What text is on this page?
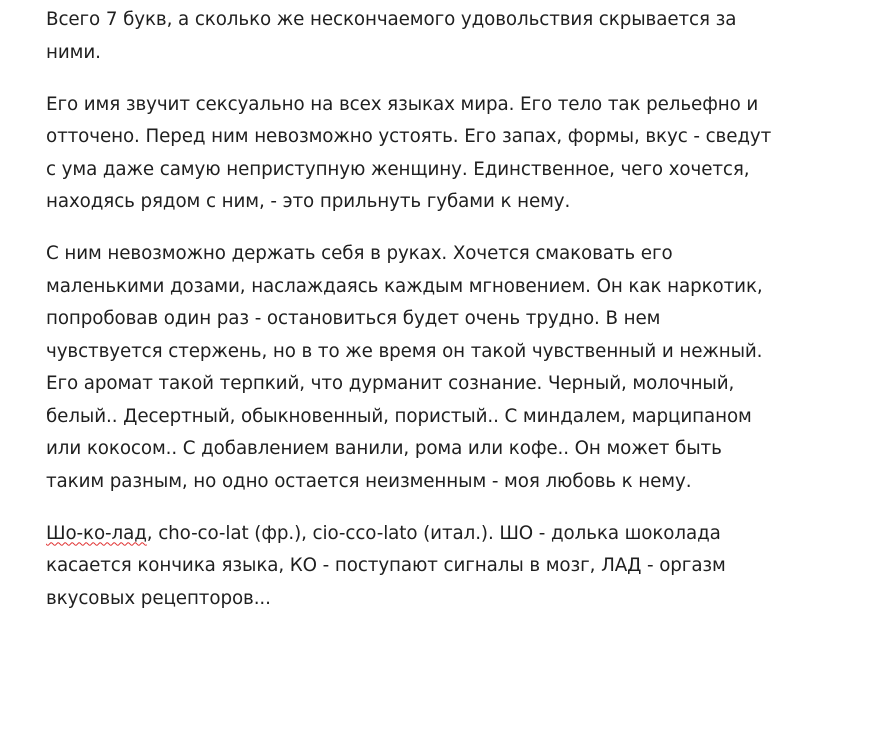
Всего 7 букв, а сколько же нескончаемого удовольствия скрывается за
ними.

Его имя звучит сексуально на всех языках мира. Его тело так рельефно и
отточено. Перед ним невозможно устоять. Его запах, формы, вкус - сведут
с ума даже самую неприступную женщину. Единственное, чего хочется,
находясь рядом с ним, - это прильнуть губами к нему.

С ним невозможно держать себя в руках. Хочется смаковать его
маленькими дозами, наслаждаясь каждым мгновением. Он как наркотик,
попробовав один раз - остановиться будет очень трудно. В нем
чувствуется стержень, но в то же время он такой чувственный и нежный.
Его аромат такой терпкий, что дурманит сознание. Черный, молочный,
белый.. Десертный, обыкновенный, пористый.. С миндалем, марципаном
или кокосом.. С добавлением ванили, рома или кофе.. Он может быть
таким разным, но одно остается неизменным - моя любовь к нему.

Шо-ко-лад, cho-co-lat (фр.), cio-cco-lato (итал.). ШО - долька шоколада
касается кончика языка, КО - поступают сигналы в мозг, ЛАД - оргазм
вкусовых рецепторов...
